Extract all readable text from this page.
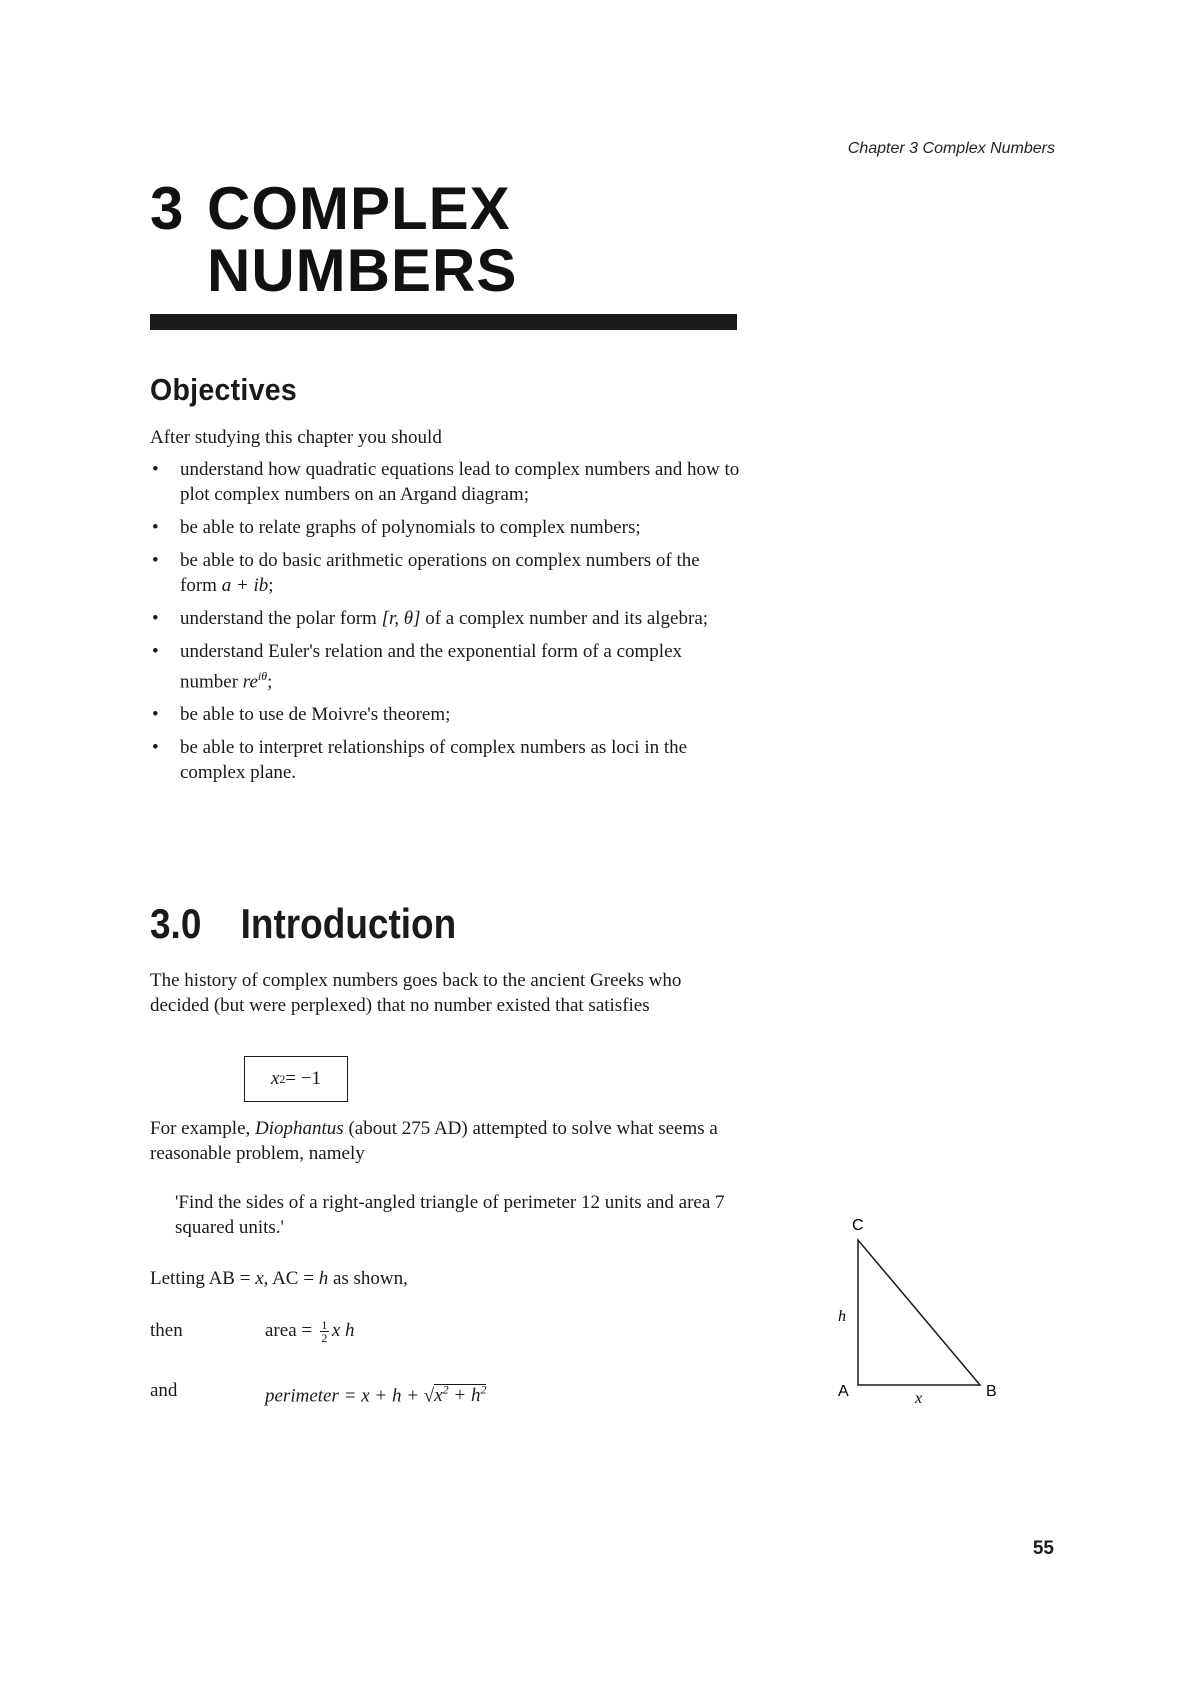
Chapter 3 Complex Numbers
3 COMPLEX
NUMBERS
Objectives
After studying this chapter you should
• understand how quadratic equations lead to complex numbers and how to plot complex numbers on an Argand diagram;
• be able to relate graphs of polynomials to complex numbers;
• be able to do basic arithmetic operations on complex numbers of the form a + ib;
• understand the polar form [r, θ] of a complex number and its algebra;
• understand Euler's relation and the exponential form of a complex number $re^{i\theta}$;
• be able to use de Moivre's theorem;
• be able to interpret relationships of complex numbers as loci in the complex plane.
3.0 Introduction
The history of complex numbers goes back to the ancient Greeks who decided (but were perplexed) that no number existed that satisfies
x 2 = −1
For example, Diophantus (about 275 AD) attempted to solve what seems a reasonable problem, namely
'Find the sides of a right-angled triangle of perimeter 12 units and area 7 squared units.'
Letting AB = x, AC = h as shown,
then	area = $\frac{1}{2}$ x h
and	perimeter = $x + h + √x^2 + h^2$
C
A	B
h
x
55
